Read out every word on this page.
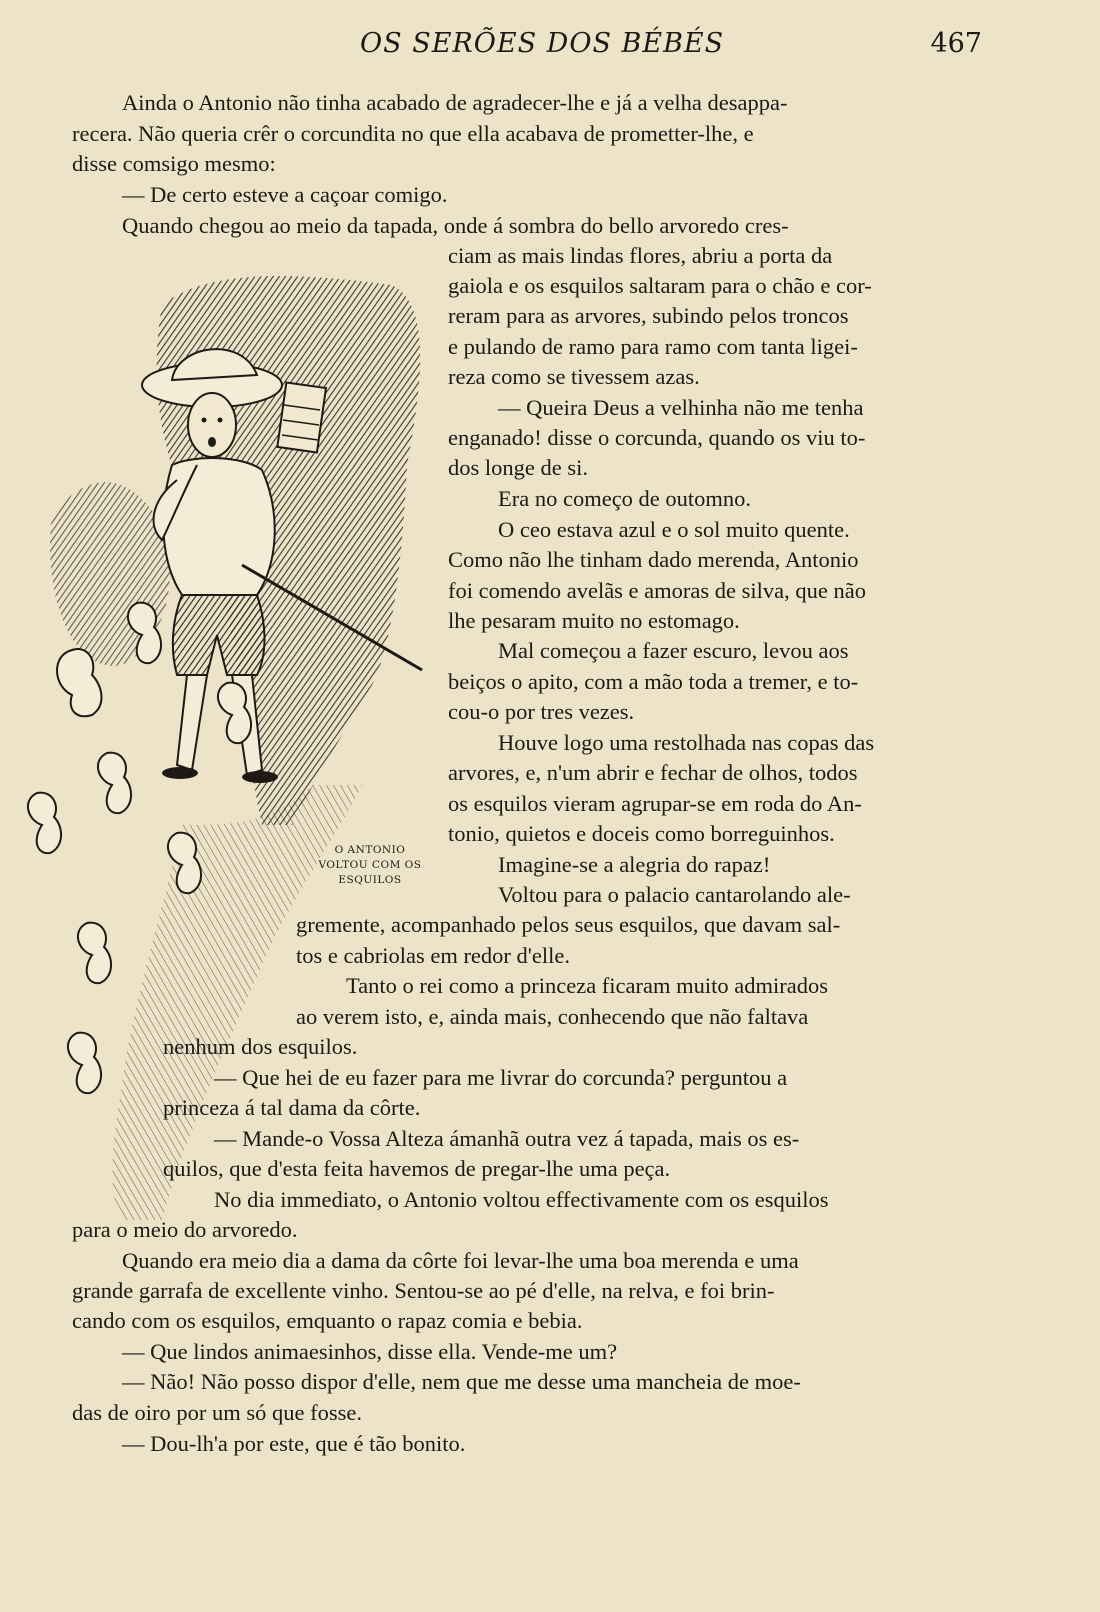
OS SERÕES DOS BÉBÉS	467
O ANTONIO
VOLTOU COM OS
ESQUILOS
Ainda o Antonio não tinha acabado de agradecer-lhe e já a velha desappa-
recera. Não queria crêr o corcundita no que ella acabava de prometter-lhe, e
disse comsigo mesmo:
— De certo esteve a caçoar comigo.
Quando chegou ao meio da tapada, onde á sombra do bello arvoredo cres-
ciam as mais lindas flores, abriu a porta da
gaiola e os esquilos saltaram para o chão e cor-
reram para as arvores, subindo pelos troncos
e pulando de ramo para ramo com tanta ligei-
reza como se tivessem azas.
— Queira Deus a velhinha não me tenha
enganado! disse o corcunda, quando os viu to-
dos longe de si.
Era no começo de outomno.
O ceo estava azul e o sol muito quente.
Como não lhe tinham dado merenda, Antonio
foi comendo avelãs e amoras de silva, que não
lhe pesaram muito no estomago.
Mal começou a fazer escuro, levou aos
beiços o apito, com a mão toda a tremer, e to-
cou-o por tres vezes.
Houve logo uma restolhada nas copas das
arvores, e, n'um abrir e fechar de olhos, todos
os esquilos vieram agrupar-se em roda do An-
tonio, quietos e doceis como borreguinhos.
Imagine-se a alegria do rapaz!
Voltou para o palacio cantarolando ale-
gremente, acompanhado pelos seus esquilos, que davam sal-
tos e cabriolas em redor d'elle.
Tanto o rei como a princeza ficaram muito admirados
ao verem isto, e, ainda mais, conhecendo que não faltava
nenhum dos esquilos.
— Que hei de eu fazer para me livrar do corcunda? perguntou a
princeza á tal dama da côrte.
— Mande-o Vossa Alteza ámanhã outra vez á tapada, mais os es-
quilos, que d'esta feita havemos de pregar-lhe uma peça.
No dia immediato, o Antonio voltou effectivamente com os esquilos
para o meio do arvoredo.
Quando era meio dia a dama da côrte foi levar-lhe uma boa merenda e uma
grande garrafa de excellente vinho. Sentou-se ao pé d'elle, na relva, e foi brin-
cando com os esquilos, emquanto o rapaz comia e bebia.
— Que lindos animaesinhos, disse ella. Vende-me um?
— Não! Não posso dispor d'elle, nem que me desse uma mancheia de moe-
das de oiro por um só que fosse.
— Dou-lh'a por este, que é tão bonito.
